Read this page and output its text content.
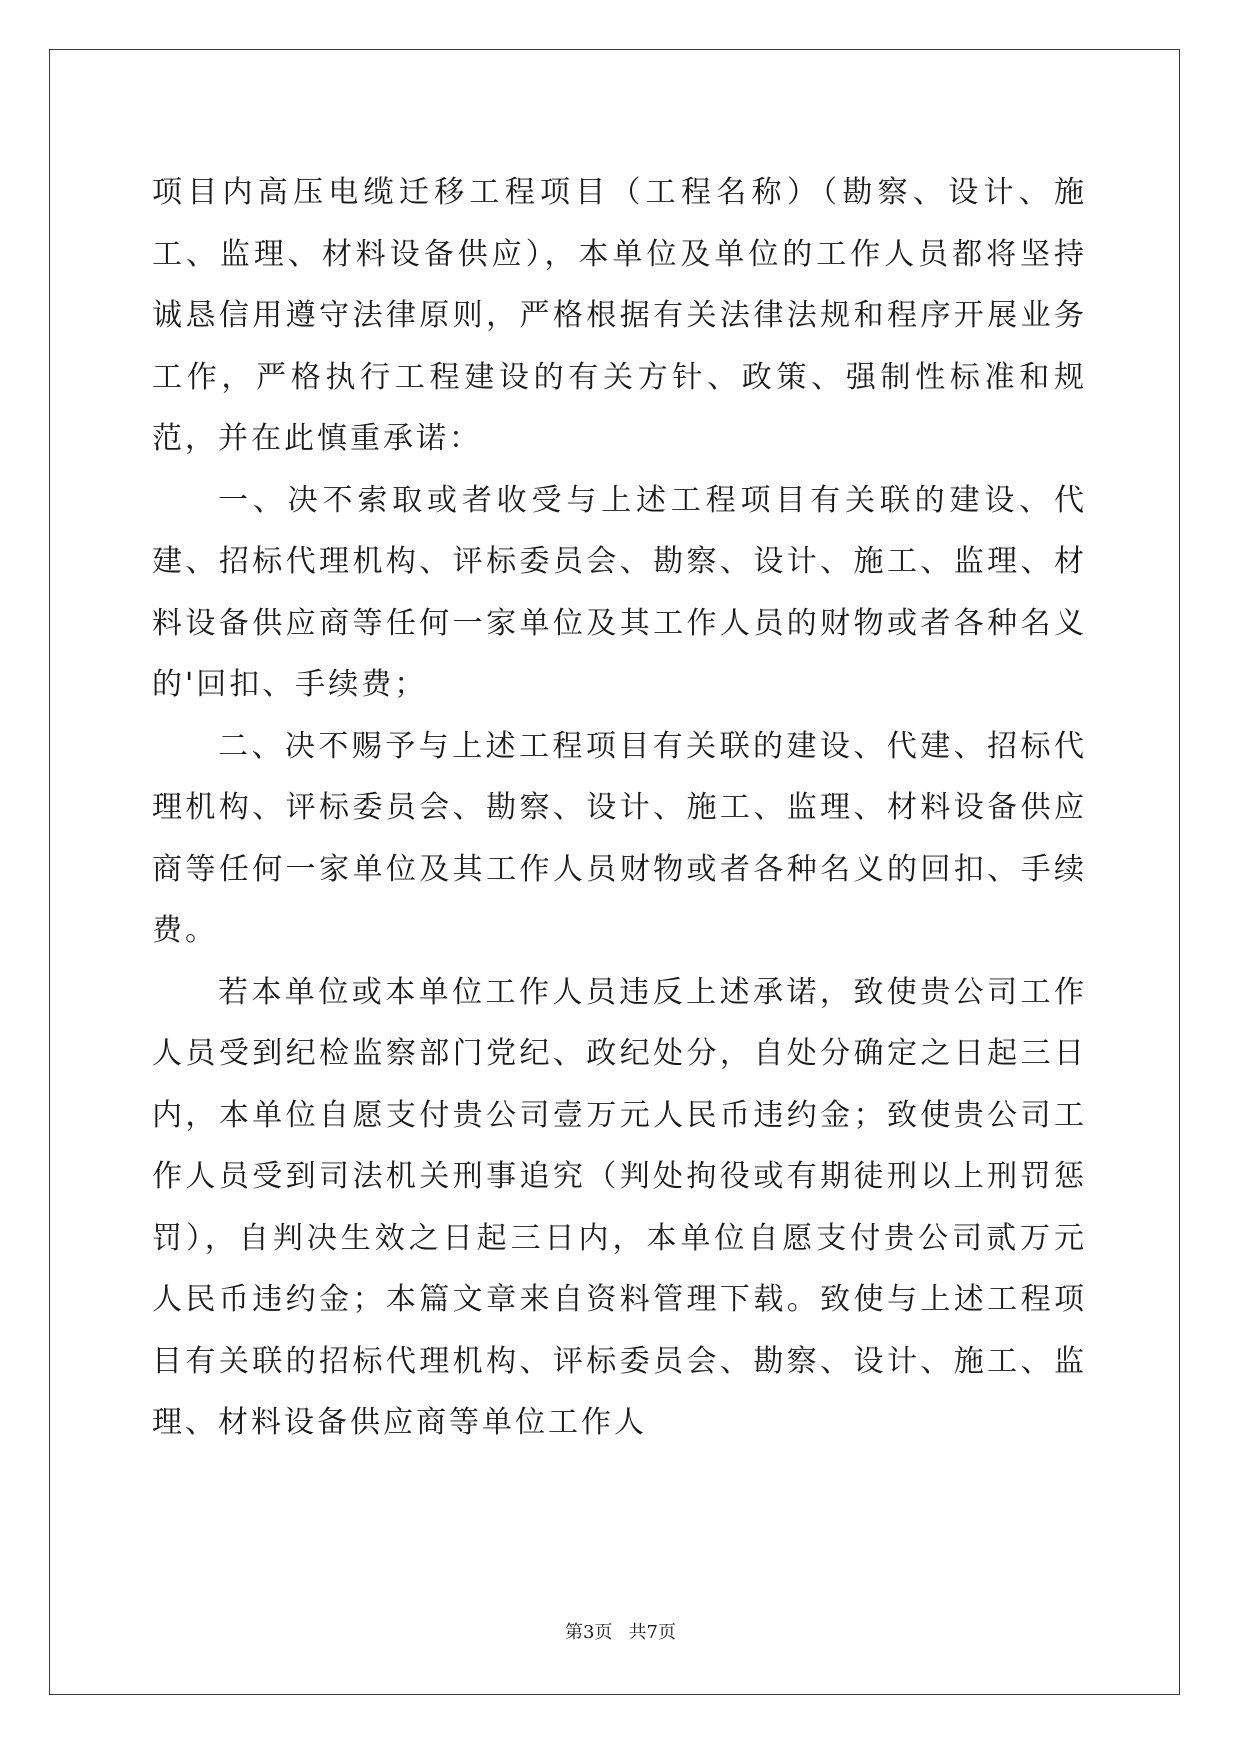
项目内高压电缆迁移工程项目（工程名称）（勘察、设计、施工、监理、材料设备供应），本单位及单位的工作人员都将坚持诚恳信用遵守法律原则，严格根据有关法律法规和程序开展业务工作，严格执行工程建设的有关方针、政策、强制性标准和规范，并在此慎重承诺：

一、决不索取或者收受与上述工程项目有关联的建设、代建、招标代理机构、评标委员会、勘察、设计、施工、监理、材料设备供应商等任何一家单位及其工作人员的财物或者各种名义的'回扣、手续费；

二、决不赐予与上述工程项目有关联的建设、代建、招标代理机构、评标委员会、勘察、设计、施工、监理、材料设备供应商等任何一家单位及其工作人员财物或者各种名义的回扣、手续费。

若本单位或本单位工作人员违反上述承诺，致使贵公司工作人员受到纪检监察部门党纪、政纪处分，自处分确定之日起三日内，本单位自愿支付贵公司壹万元人民币违约金；致使贵公司工作人员受到司法机关刑事追究（判处拘役或有期徒刑以上刑罚惩罚），自判决生效之日起三日内，本单位自愿支付贵公司贰万元人民币违约金；本篇文章来自资料管理下载。致使与上述工程项目有关联的招标代理机构、评标委员会、勘察、设计、施工、监理、材料设备供应商等单位工作人

第3页 共7页
